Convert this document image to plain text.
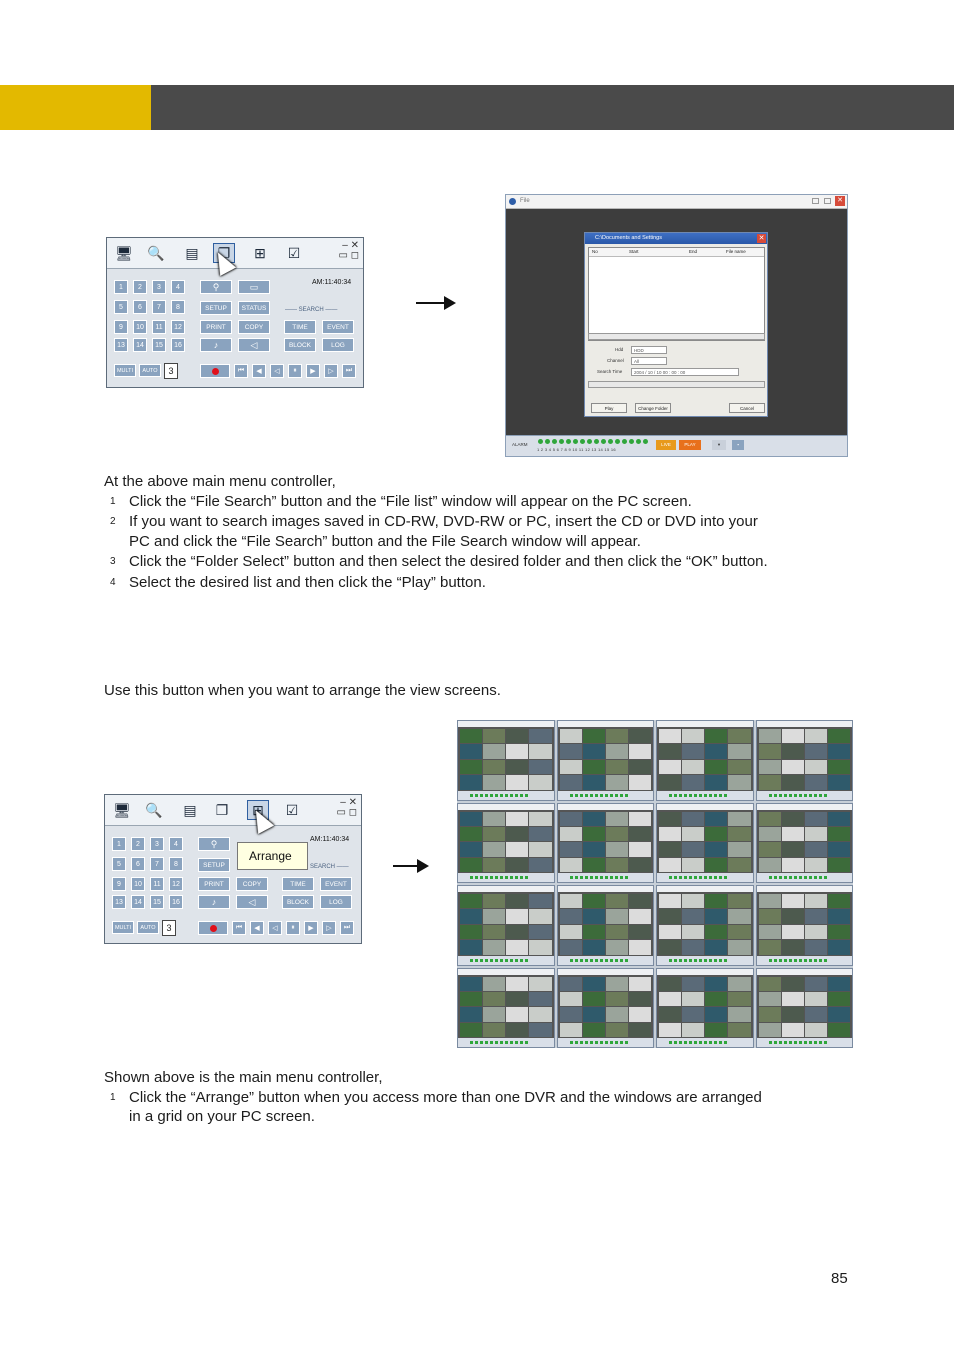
🖥 🔍	▤	❐	⊞	☑	‒ ✕
▭ ◻
AM:11:40:34
1	2	3	4
5	6	7	8
9	10	11	12
13	14	15	16
⚲	▭
SETUP	STATUS	—— SEARCH ——
PRINT	COPY	TIME	EVENT
♪	◁	BLOCK	LOG
MULTI	AUTO	3	⏮	◀	◁	⏸	▶	▷	⏭
File	✕
C:\Documents and Settings	✕
No	Start	End	File name
Hdd	HDD
Channel	All
Search Time	2004 / 10 / 10 00 : 00 : 00
Play	Change Folder	Cancel
ALARM
1 2 3 4 5 6 7 8 9 10 11 12 13 14 15 16
LIVE	PLAY	▾	▪
At the above main menu controller,
1 Click the “File Search” button and the “File list” window will appear on the PC screen.
2 If you want to search images saved in CD-RW, DVD-RW or PC, insert the CD or DVD into your
PC and click the “File Search” button and the File Search window will appear.
3 Click the “Folder Select” button and then select the desired folder and then click the “OK” button.
4 Select the desired list and then click the “Play” button.
Use this button when you want to arrange the view screens.
🖥 🔍	▤	❐	⊞	☑	‒ ✕
▭ ◻
AM:11:40:34
1	2	3	4
5	6	7	8
9	10	11	12
13	14	15	16
⚲
SETUP	SEARCH ——
PRINT	COPY	TIME	EVENT
♪	◁	BLOCK	LOG
MULTI	AUTO	3	⏮	◀	◁	⏸	▶	▷	⏭
Arrange
Shown above is the main menu controller,
1 Click the “Arrange” button when you access more than one DVR and the windows are arranged
in a grid on your PC screen.
85
